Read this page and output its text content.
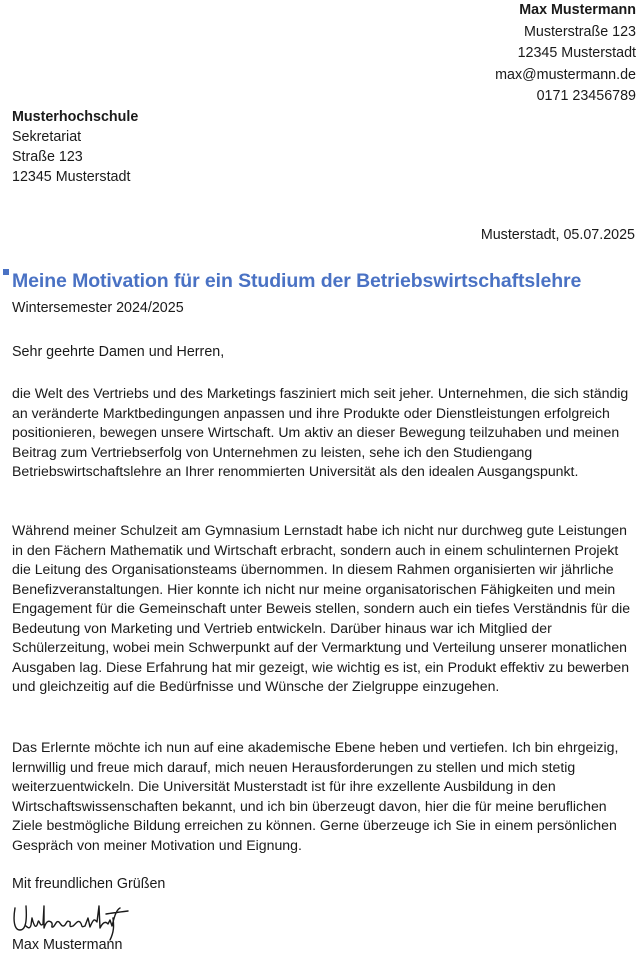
Max Mustermann
Musterstraße 123
12345 Musterstadt
max@mustermann.de
0171 23456789
Musterhochschule
Sekretariat
Straße 123
12345 Musterstadt
Musterstadt, 05.07.2025
Meine Motivation für ein Studium der Betriebswirtschaftslehre
Wintersemester 2024/2025
Sehr geehrte Damen und Herren,
die Welt des Vertriebs und des Marketings fasziniert mich seit jeher. Unternehmen, die sich ständig an veränderte Marktbedingungen anpassen und ihre Produkte oder Dienstleistungen erfolgreich positionieren, bewegen unsere Wirtschaft. Um aktiv an dieser Bewegung teilzuhaben und meinen Beitrag zum Vertriebserfolg von Unternehmen zu leisten, sehe ich den Studiengang Betriebswirtschaftslehre an Ihrer renommierten Universität als den idealen Ausgangspunkt.
Während meiner Schulzeit am Gymnasium Lernstadt habe ich nicht nur durchweg gute Leistungen in den Fächern Mathematik und Wirtschaft erbracht, sondern auch in einem schulinternen Projekt die Leitung des Organisationsteams übernommen. In diesem Rahmen organisierten wir jährliche Benefizveranstaltungen. Hier konnte ich nicht nur meine organisatorischen Fähigkeiten und mein Engagement für die Gemeinschaft unter Beweis stellen, sondern auch ein tiefes Verständnis für die Bedeutung von Marketing und Vertrieb entwickeln. Darüber hinaus war ich Mitglied der Schülerzeitung, wobei mein Schwerpunkt auf der Vermarktung und Verteilung unserer monatlichen Ausgaben lag. Diese Erfahrung hat mir gezeigt, wie wichtig es ist, ein Produkt effektiv zu bewerben und gleichzeitig auf die Bedürfnisse und Wünsche der Zielgruppe einzugehen.
Das Erlernte möchte ich nun auf eine akademische Ebene heben und vertiefen. Ich bin ehrgeizig, lernwillig und freue mich darauf, mich neuen Herausforderungen zu stellen und mich stetig weiterzuentwickeln. Die Universität Musterstadt ist für ihre exzellente Ausbildung in den Wirtschaftswissenschaften bekannt, und ich bin überzeugt davon, hier die für meine beruflichen Ziele bestmögliche Bildung erreichen zu können. Gerne überzeuge ich Sie in einem persönlichen Gespräch von meiner Motivation und Eignung.
Mit freundlichen Grüßen
Max Mustermann
